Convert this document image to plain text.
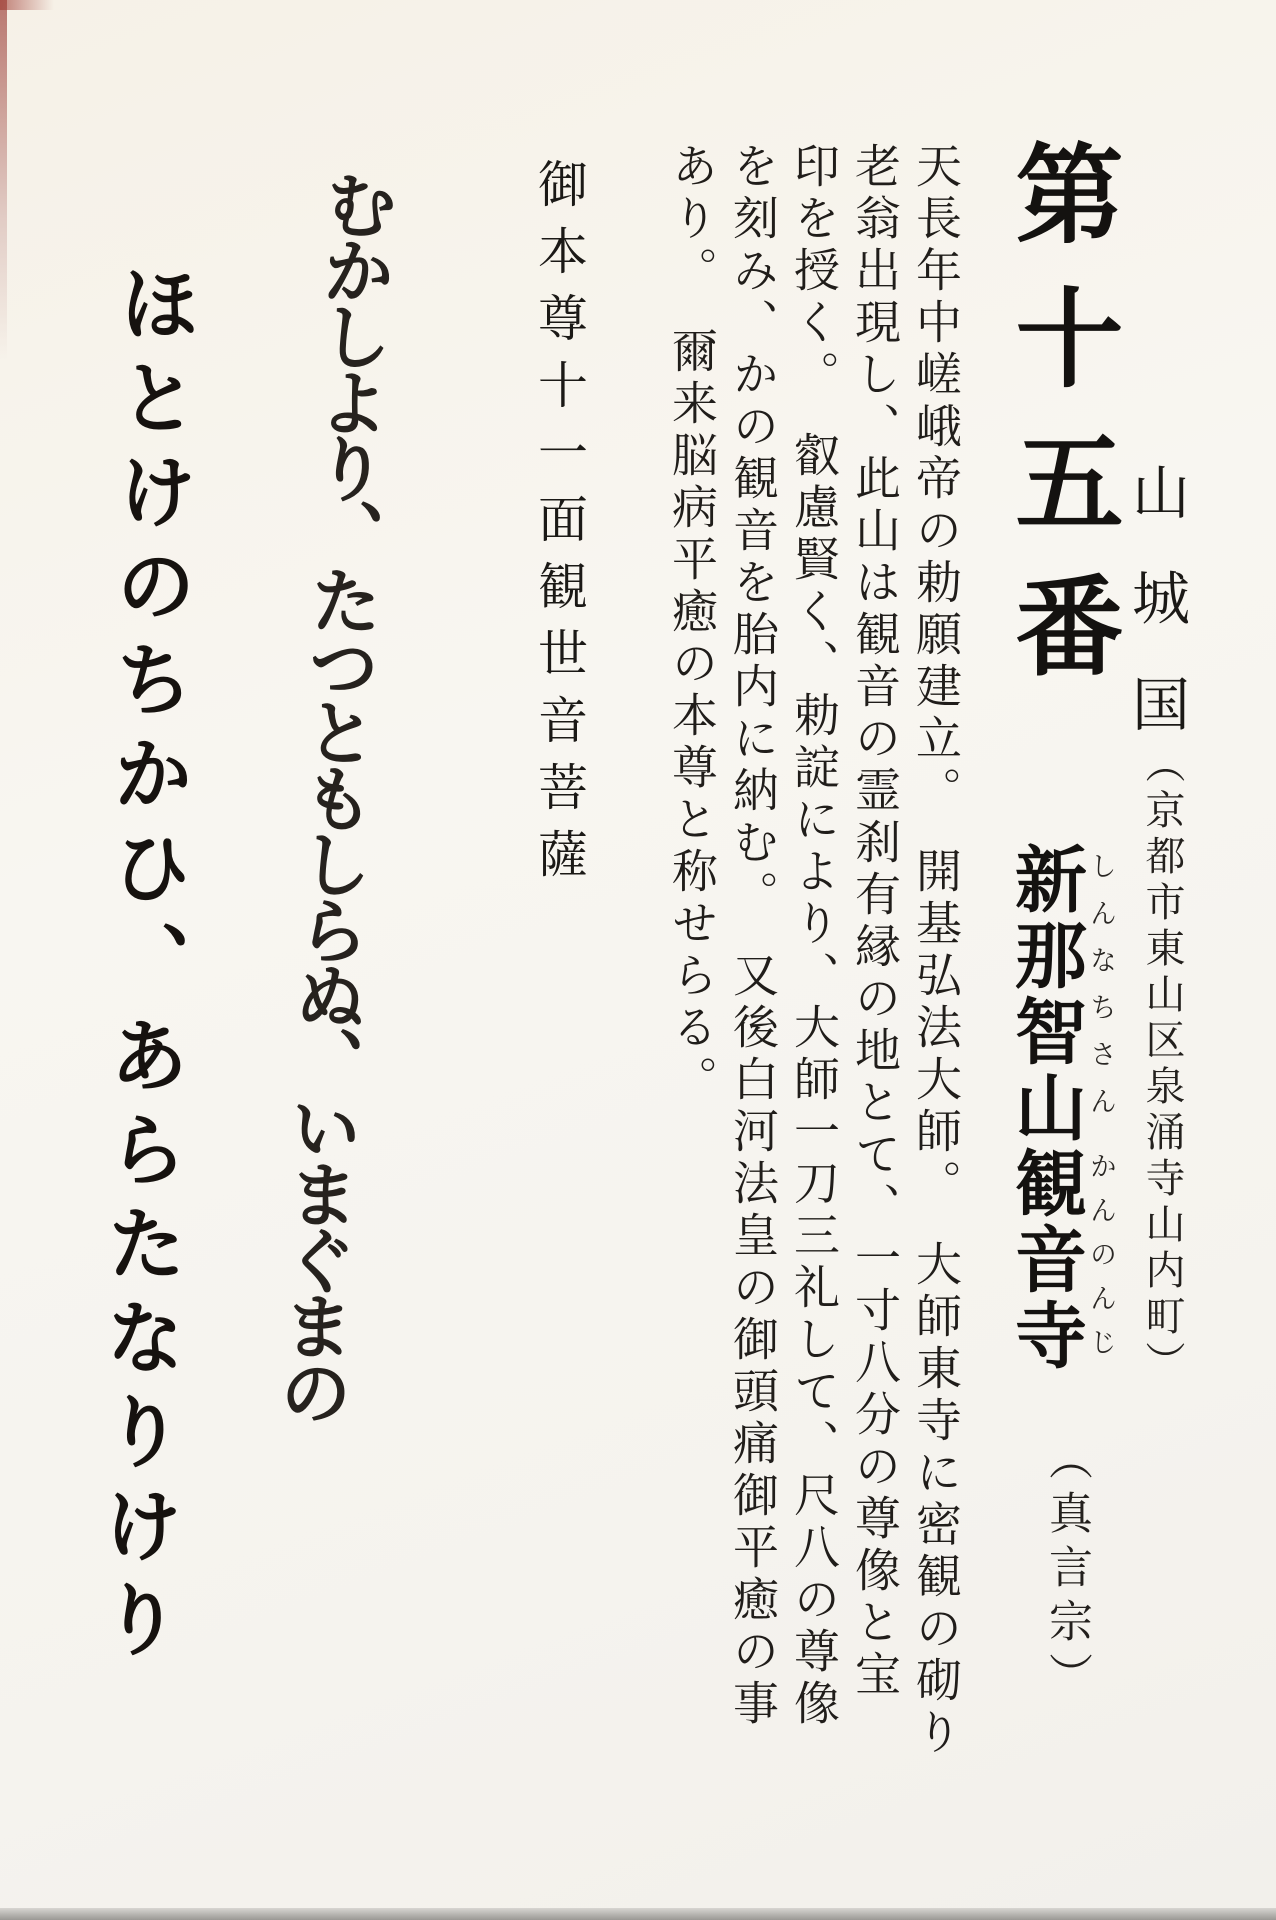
第十五番 山城国
（京都市東山区泉涌寺山内町）
新那智山観音寺 しんなちさん
かんのんじ
（真言宗）
天長年中嵯峨帝の勅願建立。　開基弘法大師。　大師東寺に密観の砌り
老翁出現し、此山は観音の霊刹有縁の地とて、一寸八分の尊像と宝
印を授く。　叡慮賢く、勅諚により、大師一刀三礼して、尺八の尊像
を刻み、かの観音を胎内に納む。　又後白河法皇の御頭痛御平癒の事
あり。　爾来脳病平癒の本尊と称せらる。
御本尊十一面観世音菩薩
むかしより、たつともしらぬ、いまぐまの
ほとけのちかひ、あらたなりけり
